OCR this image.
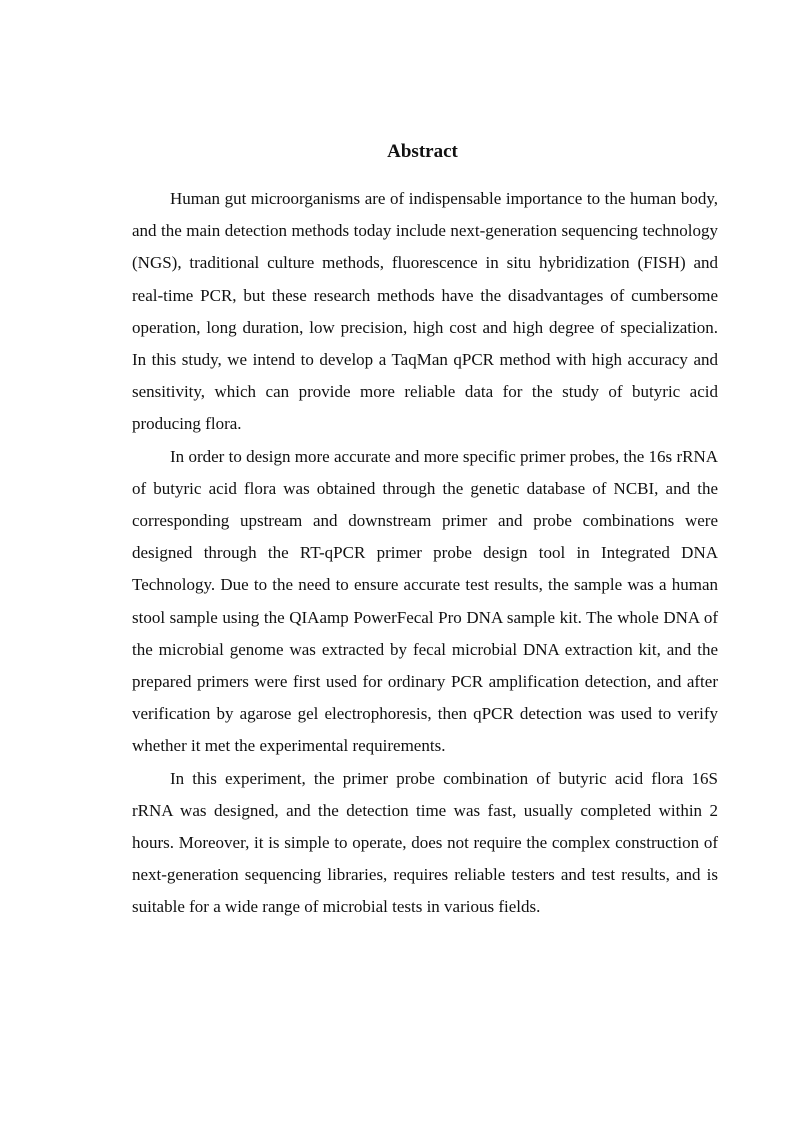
Abstract

Human gut microorganisms are of indispensable importance to the human body, and the main detection methods today include next-generation sequencing technology (NGS), traditional culture methods, fluorescence in situ hybridization (FISH) and real-time PCR, but these research methods have the disadvantages of cumbersome operation, long duration, low precision, high cost and high degree of specialization. In this study, we intend to develop a TaqMan qPCR method with high accuracy and sensitivity, which can provide more reliable data for the study of butyric acid producing flora.

In order to design more accurate and more specific primer probes, the 16s rRNA of butyric acid flora was obtained through the genetic database of NCBI, and the corresponding upstream and downstream primer and probe combinations were designed through the RT-qPCR primer probe design tool in Integrated DNA Technology. Due to the need to ensure accurate test results, the sample was a human stool sample using the QIAamp PowerFecal Pro DNA sample kit. The whole DNA of the microbial genome was extracted by fecal microbial DNA extraction kit, and the prepared primers were first used for ordinary PCR amplification detection, and after verification by agarose gel electrophoresis, then qPCR detection was used to verify whether it met the experimental requirements.

In this experiment, the primer probe combination of butyric acid flora 16S rRNA was designed, and the detection time was fast, usually completed within 2 hours. Moreover, it is simple to operate, does not require the complex construction of next-generation sequencing libraries, requires reliable testers and test results, and is suitable for a wide range of microbial tests in various fields.
